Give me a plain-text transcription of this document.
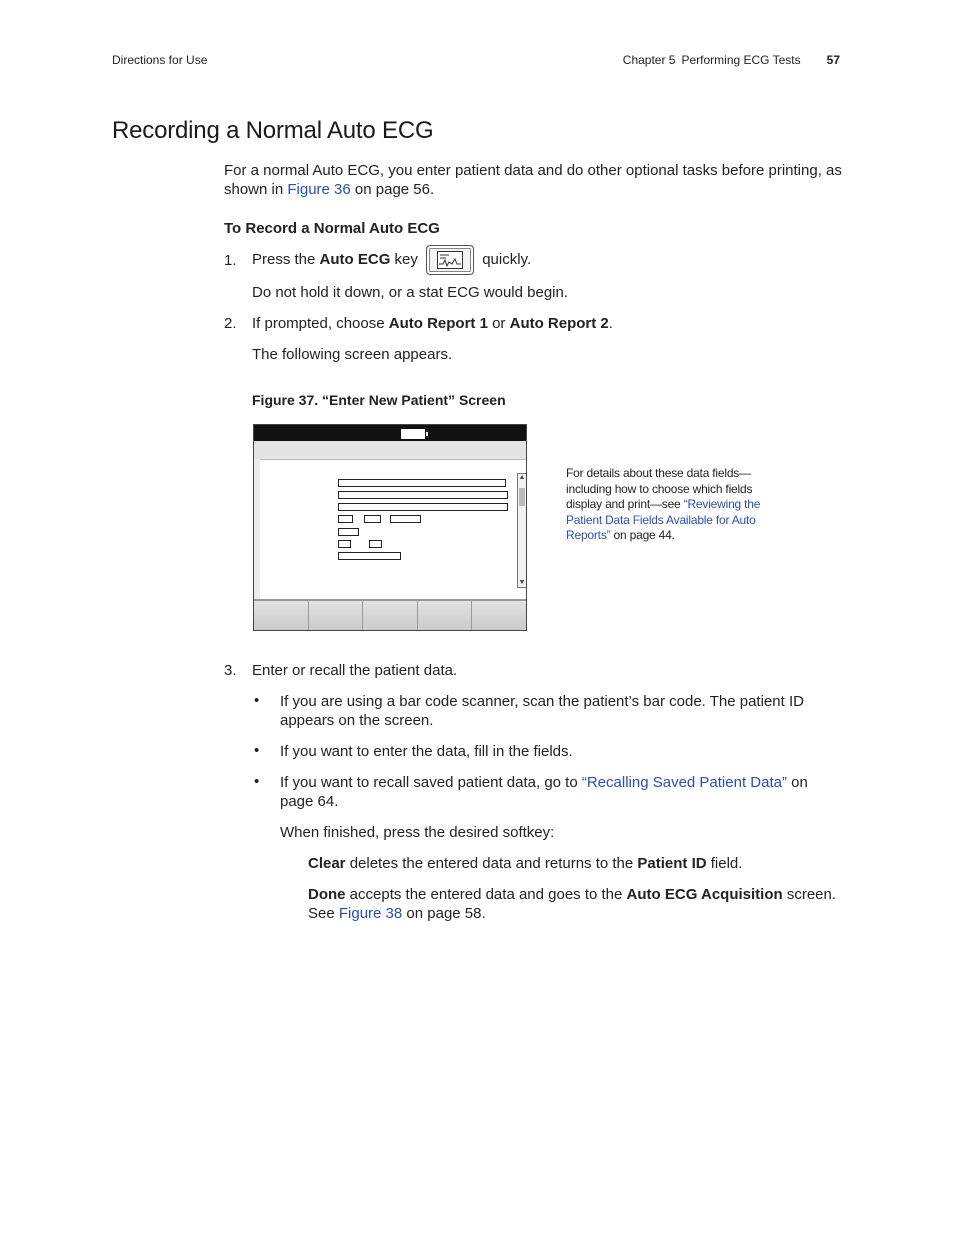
Directions for Use	Chapter 5 Performing ECG Tests 57
Recording a Normal Auto ECG
For a normal Auto ECG, you enter patient data and do other optional tasks before printing, as shown in Figure 36 on page 56.
To Record a Normal Auto ECG
1. Press the Auto ECG key	quickly.
Do not hold it down, or a stat ECG would begin.
2. If prompted, choose Auto Report 1 or Auto Report 2.
The following screen appears.
Figure 37. “Enter New Patient” Screen
▲
▼
For details about these data fields—including how to choose which fields display and print—see “Reviewing the Patient Data Fields Available for Auto Reports” on page 44.
3. Enter or recall the patient data.
• If you are using a bar code scanner, scan the patient’s bar code. The patient ID appears on the screen.
• If you want to enter the data, fill in the fields.
• If you want to recall saved patient data, go to “Recalling Saved Patient Data” on page 64.
When finished, press the desired softkey:
Clear deletes the entered data and returns to the Patient ID field.
Done accepts the entered data and goes to the Auto ECG Acquisition screen. See Figure 38 on page 58.
